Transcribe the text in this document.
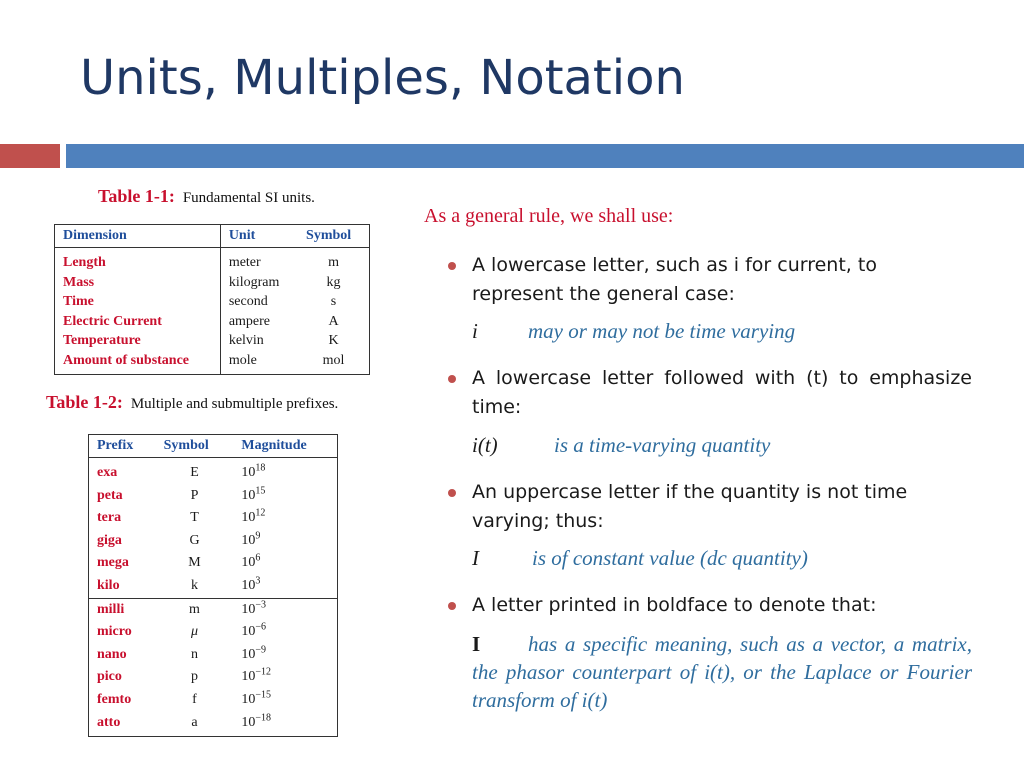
Units, Multiples, Notation
Table 1-1: Fundamental SI units.
Dimension	Unit	Symbol
Length	meter	m
Mass	kilogram	kg
Time	second	s
Electric Current	ampere	A
Temperature	kelvin	K
Amount of substance	mole	mol
Table 1-2: Multiple and submultiple prefixes.
Prefix	Symbol	Magnitude
exa	E	$10^{18}$
peta	P	$10^{15}$
tera	T	$10^{12}$
giga	G	$10^9$
mega	M	$10^6$
kilo	k	$10^3$
milli	m	$10^{-3}$
micro	μ	$10^{-6}$
nano	n	$10^{-9}$
pico	p	$10^{-12}$
femto	f	$10^{-15}$
atto	a	$10^{-18}$
As a general rule, we shall use:
A lowercase letter, such as i for current, to represent the general case:
i may or may not be time varying
A lowercase letter followed with (t) to emphasize time:
i(t)	is a time-varying quantity
An uppercase letter if the quantity is not time varying; thus:
I	is of constant value (dc quantity)
A letter printed in boldface to denote that:
I has a specific meaning, such as a vector, a matrix, the phasor counterpart of i(t), or the Laplace or Fourier transform of i(t)
